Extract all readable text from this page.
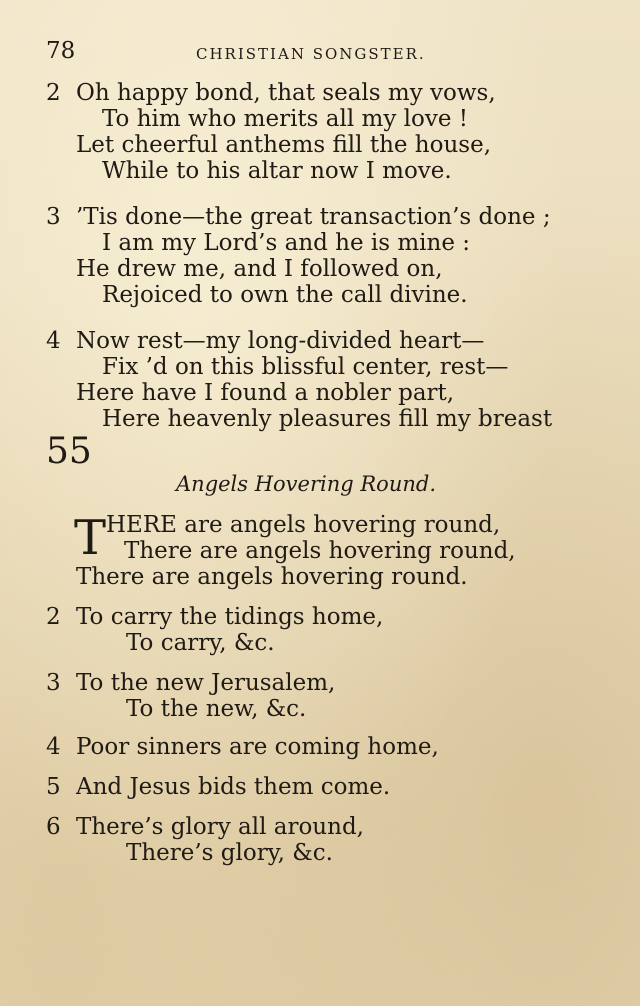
78	CHRISTIAN SONGSTER.
2 Oh happy bond, that seals my vows,
To him who merits all my love !
Let cheerful anthems fill the house,
While to his altar now I move.
3 ’Tis done—the great transaction’s done ;
I am my Lord’s and he is mine :
He drew me, and I followed on,
Rejoiced to own the call divine.
4 Now rest—my long-divided heart—
Fix ’d on this blissful center, rest—
Here have I found a nobler part,
Here heavenly pleasures fill my breast
55
Angels Hovering Round.
T HERE are angels hovering round,
There are angels hovering round,
There are angels hovering round.
2 To carry the tidings home,
To carry, &c.
3 To the new Jerusalem,
To the new, &c.
4 Poor sinners are coming home,
5 And Jesus bids them come.
6 There’s glory all around,
There’s glory, &c.
